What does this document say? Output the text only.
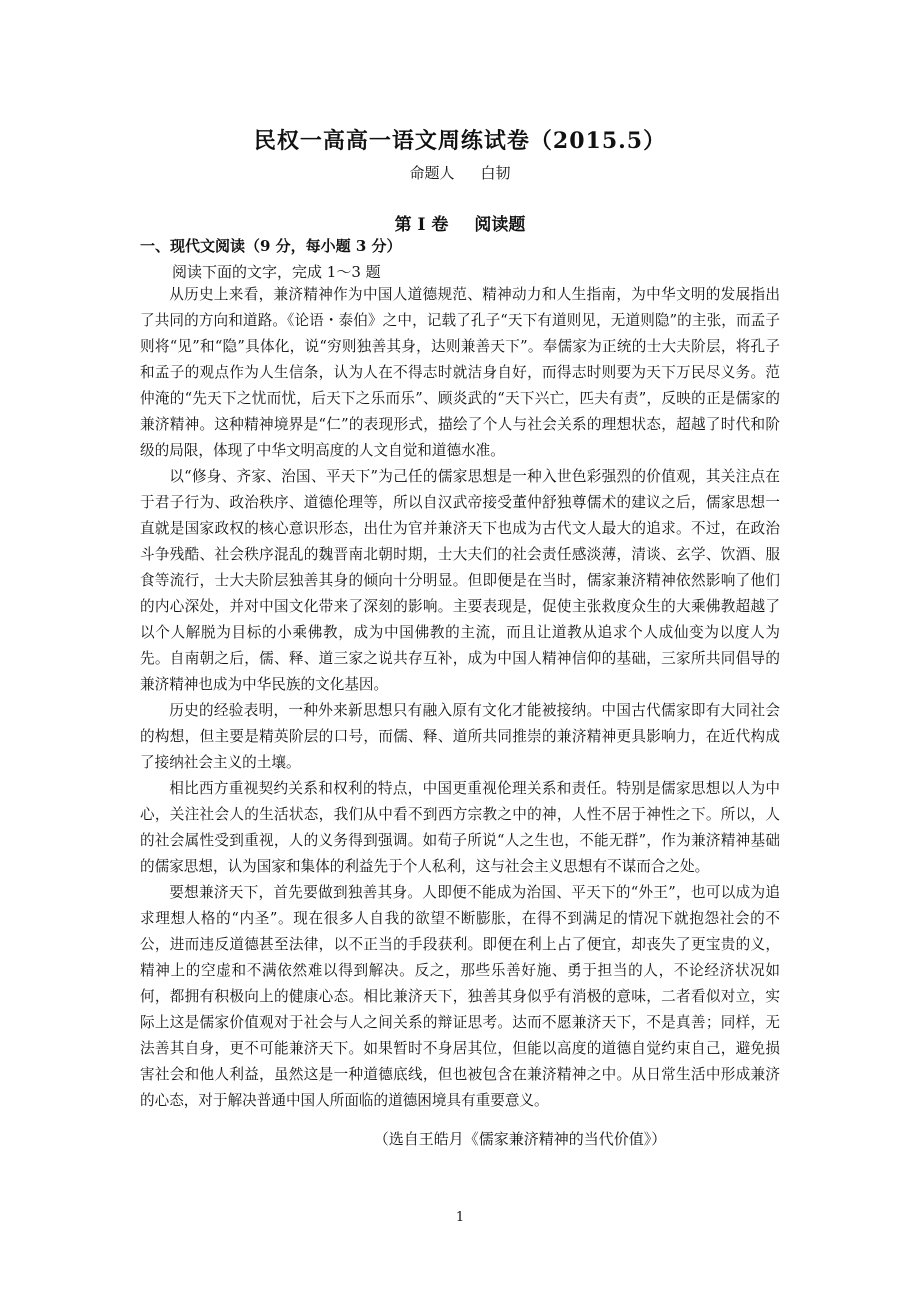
民权一高高一语文周练试卷（2015.5）
命题人 白韧
第 I 卷 阅读题
一、现代文阅读（9 分，每小题 3 分）
阅读下面的文字，完成 1～3 题

从历史上来看，兼济精神作为中国人道德规范、精神动力和人生指南，为中华文明的发展指出了共同的方向和道路。《论语・泰伯》之中，记载了孔子“天下有道则见，无道则隐”的主张，而孟子则将“见”和“隐”具体化，说“穷则独善其身，达则兼善天下”。奉儒家为正统的士大夫阶层，将孔子和孟子的观点作为人生信条，认为人在不得志时就洁身自好，而得志时则要为天下万民尽义务。范仲淹的“先天下之忧而忧，后天下之乐而乐”、顾炎武的“天下兴亡，匹夫有责”，反映的正是儒家的兼济精神。这种精神境界是“仁”的表现形式，描绘了个人与社会关系的理想状态，超越了时代和阶级的局限，体现了中华文明高度的人文自觉和道德水准。

以“修身、齐家、治国、平天下”为己任的儒家思想是一种入世色彩强烈的价值观，其关注点在于君子行为、政治秩序、道德伦理等，所以自汉武帝接受董仲舒独尊儒术的建议之后，儒家思想一直就是国家政权的核心意识形态，出仕为官并兼济天下也成为古代文人最大的追求。不过，在政治斗争残酷、社会秩序混乱的魏晋南北朝时期，士大夫们的社会责任感淡薄，清谈、玄学、饮酒、服食等流行，士大夫阶层独善其身的倾向十分明显。但即便是在当时，儒家兼济精神依然影响了他们的内心深处，并对中国文化带来了深刻的影响。主要表现是，促使主张救度众生的大乘佛教超越了以个人解脱为目标的小乘佛教，成为中国佛教的主流，而且让道教从追求个人成仙变为以度人为先。自南朝之后，儒、释、道三家之说共存互补，成为中国人精神信仰的基础，三家所共同倡导的兼济精神也成为中华民族的文化基因。

历史的经验表明，一种外来新思想只有融入原有文化才能被接纳。中国古代儒家即有大同社会的构想，但主要是精英阶层的口号，而儒、释、道所共同推崇的兼济精神更具影响力，在近代构成了接纳社会主义的土壤。

相比西方重视契约关系和权利的特点，中国更重视伦理关系和责任。特别是儒家思想以人为中心，关注社会人的生活状态，我们从中看不到西方宗教之中的神，人性不居于神性之下。所以，人的社会属性受到重视，人的义务得到强调。如荀子所说“人之生也，不能无群”，作为兼济精神基础的儒家思想，认为国家和集体的利益先于个人私利，这与社会主义思想有不谋而合之处。

要想兼济天下，首先要做到独善其身。人即便不能成为治国、平天下的“外王”，也可以成为追求理想人格的“内圣”。现在很多人自我的欲望不断膨胀，在得不到满足的情况下就抱怨社会的不公，进而违反道德甚至法律，以不正当的手段获利。即便在利上占了便宜，却丧失了更宝贵的义，精神上的空虚和不满依然难以得到解决。反之，那些乐善好施、勇于担当的人，不论经济状况如何，都拥有积极向上的健康心态。相比兼济天下，独善其身似乎有消极的意味，二者看似对立，实际上这是儒家价值观对于社会与人之间关系的辩证思考。达而不愿兼济天下，不是真善；同样，无法善其自身，更不可能兼济天下。如果暂时不身居其位，但能以高度的道德自觉约束自己，避免损害社会和他人利益，虽然这是一种道德底线，但也被包含在兼济精神之中。从日常生活中形成兼济的心态，对于解决普通中国人所面临的道德困境具有重要意义。

（选自王皓月《儒家兼济精神的当代价值》）
1
